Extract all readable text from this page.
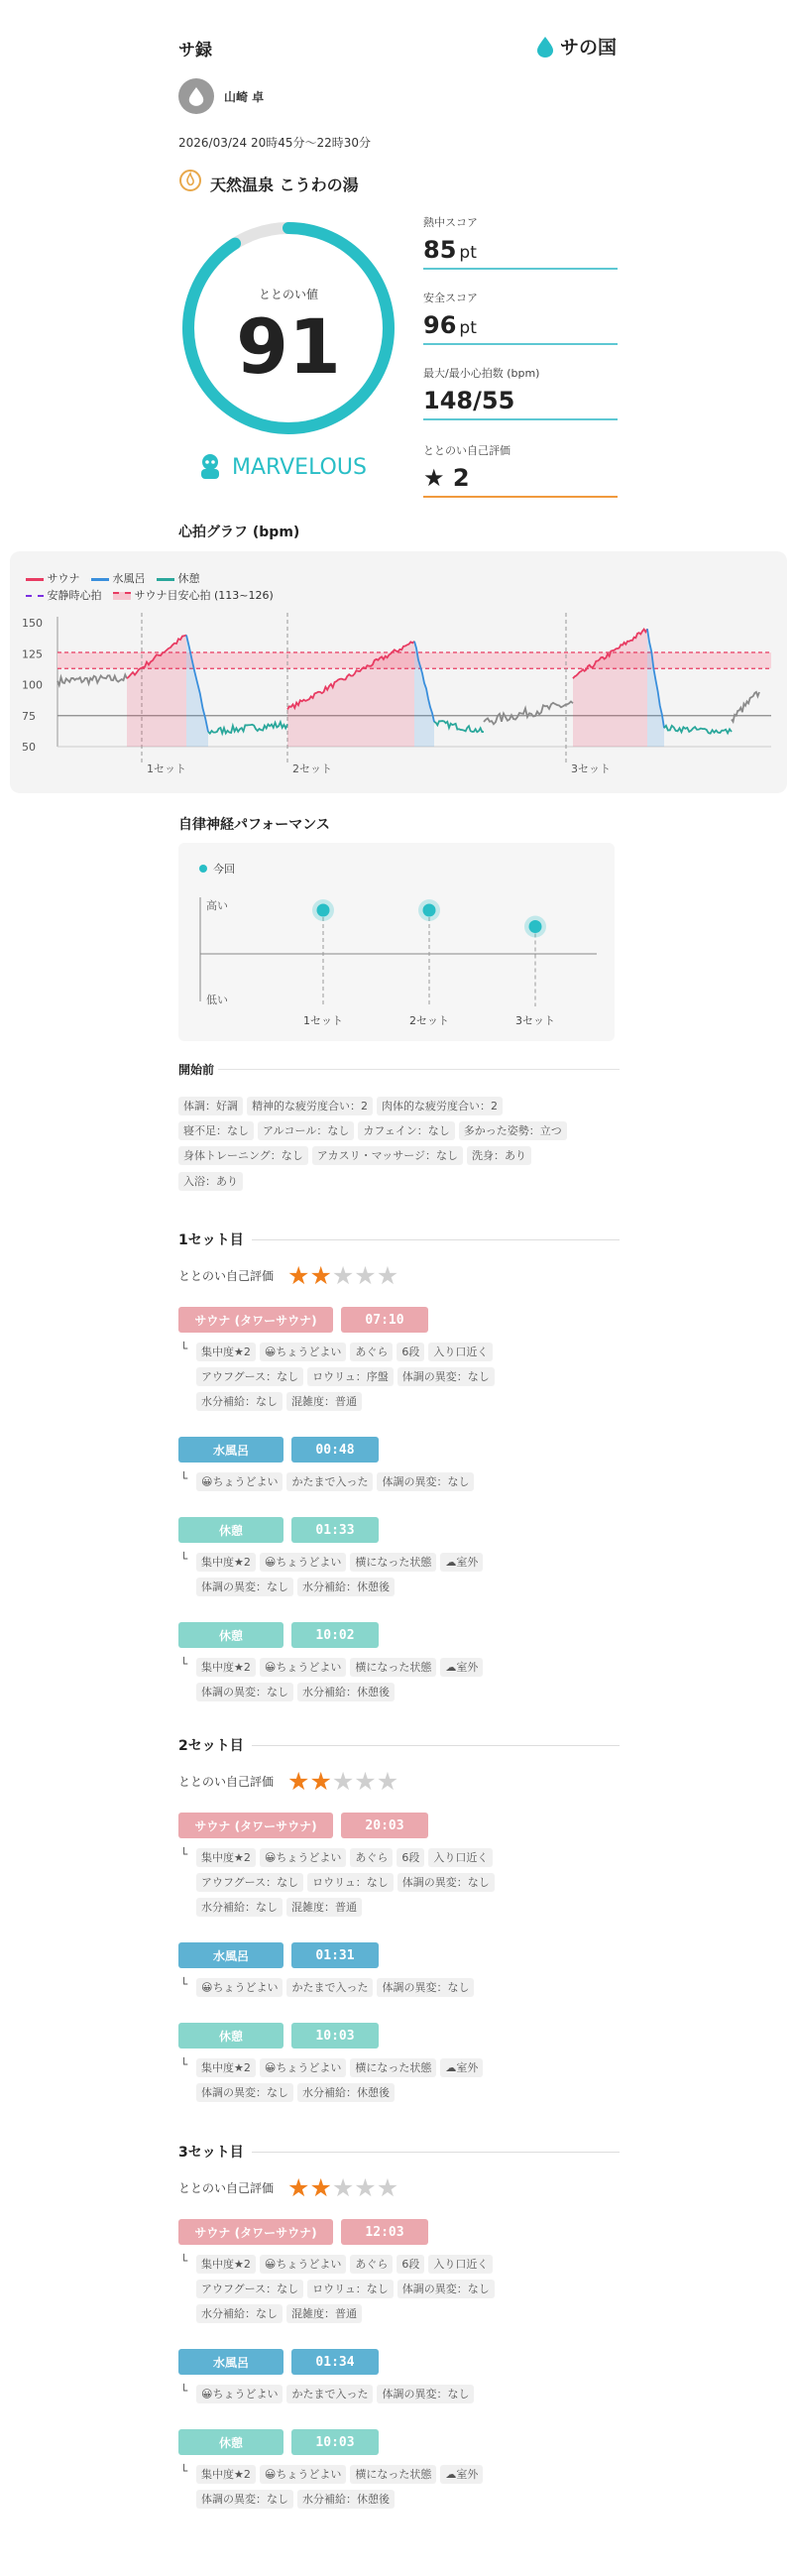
サ録	サの国
山崎 卓
2026/03/24 20時45分〜22時30分
天然温泉 こうわの湯
ととのい値
91
MARVELOUS
熱中スコア
85 pt
安全スコア
96 pt
最大/最小心拍数 (bpm)
148/55
ととのい自己評価
★ 2
心拍グラフ (bpm)
サウナ	水風呂	休憩
安静時心拍	サウナ目安心拍 (113~126)
150
125
100
75
50
1セット	2セット	3セット
自律神経パフォーマンス
1セット	2セット	3セット
今回
高い
低い
開始前
体調：好調 精神的な疲労度合い：2 肉体的な疲労度合い：2
寝不足：なし アルコール：なし カフェイン：なし 多かった姿勢：立つ
身体トレーニング：なし アカスリ・マッサージ：なし 洗身：あり
入浴：あり
1セット目
ととのい自己評価 ★★★★★
サウナ (タワーサウナ)	07:10
└	集中度★2 😀ちょうどよい あぐら 6段 入り口近く
アウフグース：なし ロウリュ：序盤 体調の異変：なし
水分補給：なし 混雑度：普通
水風呂	00:48
└	😀ちょうどよい かたまで入った 体調の異変：なし
休憩	01:33
└	集中度★2 😀ちょうどよい 横になった状態 ☁室外
体調の異変：なし 水分補給：休憩後
休憩	10:02
└	集中度★2 😀ちょうどよい 横になった状態 ☁室外
体調の異変：なし 水分補給：休憩後
2セット目
ととのい自己評価 ★★★★★
サウナ (タワーサウナ)	20:03
└	集中度★2 😀ちょうどよい あぐら 6段 入り口近く
アウフグース：なし ロウリュ：なし 体調の異変：なし
水分補給：なし 混雑度：普通
水風呂	01:31
└	😀ちょうどよい かたまで入った 体調の異変：なし
休憩	10:03
└	集中度★2 😀ちょうどよい 横になった状態 ☁室外
体調の異変：なし 水分補給：休憩後
3セット目
ととのい自己評価 ★★★★★
サウナ (タワーサウナ)	12:03
└	集中度★2 😀ちょうどよい あぐら 6段 入り口近く
アウフグース：なし ロウリュ：なし 体調の異変：なし
水分補給：なし 混雑度：普通
水風呂	01:34
└	😀ちょうどよい かたまで入った 体調の異変：なし
休憩	10:03
└	集中度★2 😀ちょうどよい 横になった状態 ☁室外
体調の異変：なし 水分補給：休憩後
